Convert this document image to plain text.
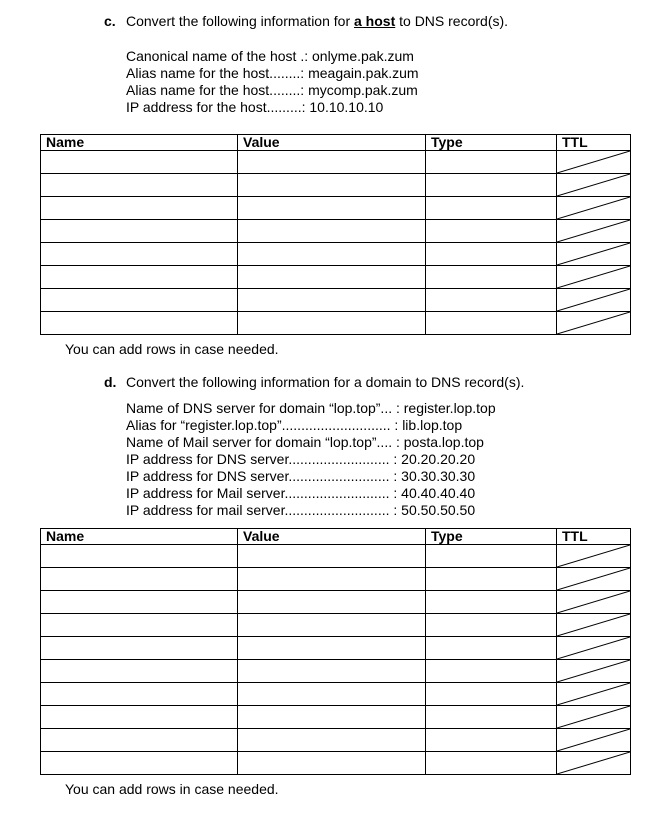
c. Convert the following information for a host to DNS record(s).
Canonical name of the host .: onlyme.pak.zum
Alias name for the host........: meagain.pak.zum
Alias name for the host........: mycomp.pak.zum
IP address for the host.........: 10.10.10.10
Name	Value	Type	TTL

You can add rows in case needed.
d. Convert the following information for a domain to DNS record(s).
Name of DNS server for domain “lop.top”... : register.lop.top
Alias for “register.lop.top”............................ : lib.lop.top
Name of Mail server for domain “lop.top”.... : posta.lop.top
IP address for DNS server.......................... : 20.20.20.20
IP address for DNS server.......................... : 30.30.30.30
IP address for Mail server........................... : 40.40.40.40
IP address for mail server........................... : 50.50.50.50
Name	Value	Type	TTL

You can add rows in case needed.
